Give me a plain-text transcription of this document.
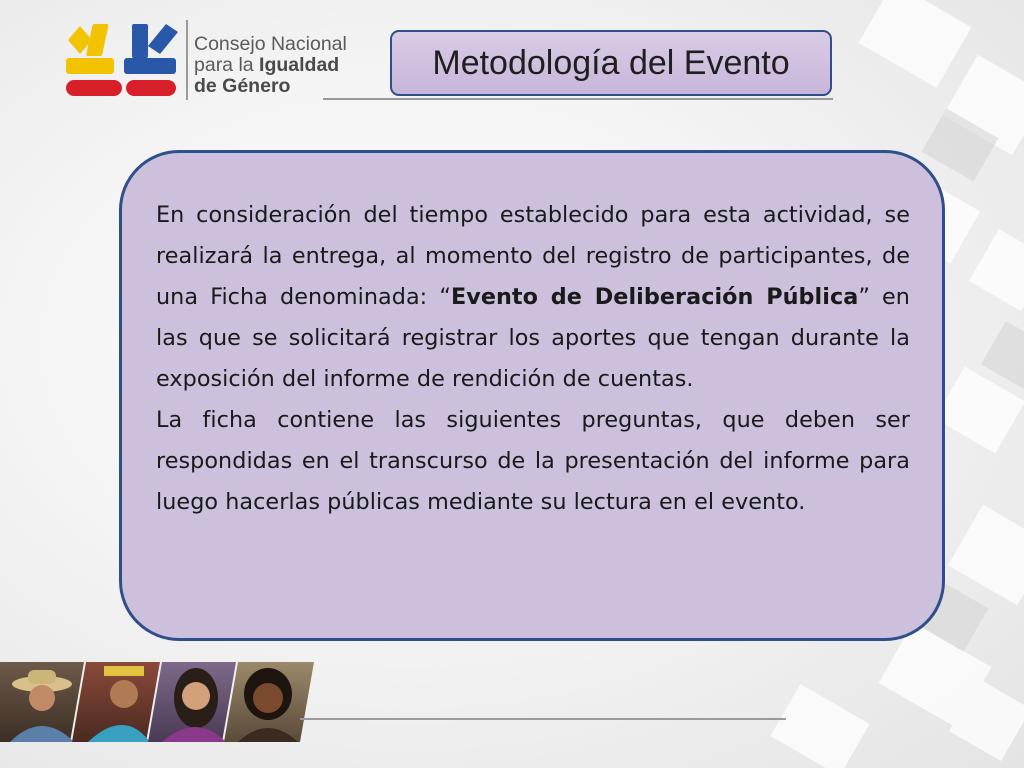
Consejo Nacional
para la Igualdad
de Género
Metodología del Evento

En consideración del tiempo establecido para esta actividad, se realizará la entrega, al momento del registro de participantes, de una Ficha denominada: “Evento de Deliberación Pública” en las que se solicitará registrar los aportes que tengan durante la exposición del informe de rendición de cuentas.

La ficha contiene las siguientes preguntas, que deben ser respondidas en el transcurso de la presentación del informe para luego hacerlas públicas mediante su lectura en el evento.
